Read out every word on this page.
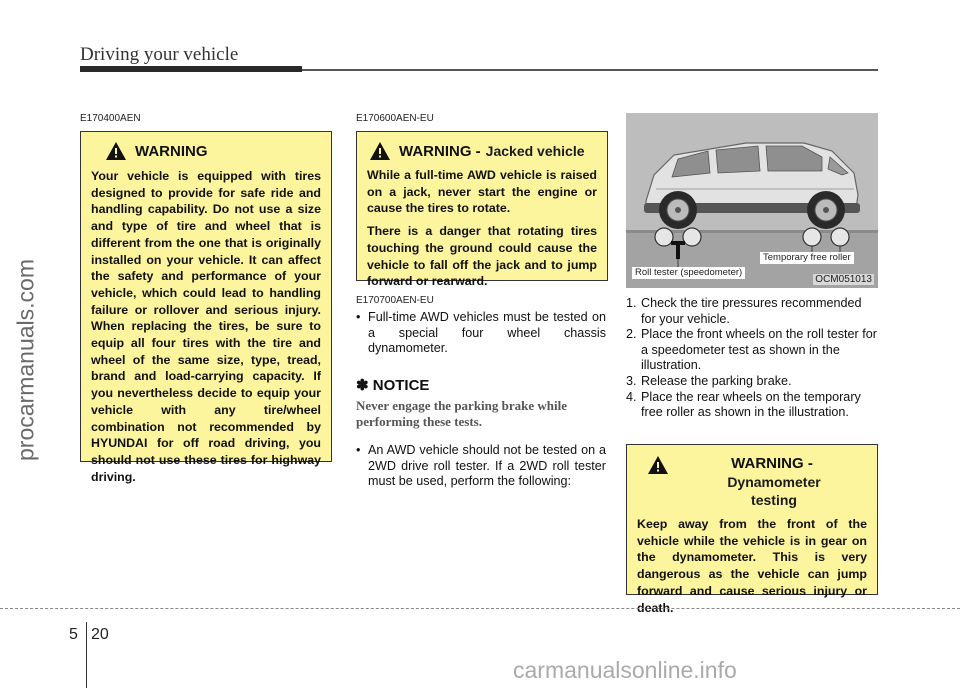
Driving your vehicle
procarmanuals.com
E170400AEN
WARNING
Your vehicle is equipped with tires designed to provide for safe ride and handling capability. Do not use a size and type of tire and wheel that is different from the one that is originally installed on your vehicle. It can affect the safety and performance of your vehicle, which could lead to handling failure or rollover and serious injury. When replacing the tires, be sure to equip all four tires with the tire and wheel of the same size, type, tread, brand and load-carrying capacity. If you nevertheless decide to equip your vehicle with any tire/wheel combination not recommended by HYUNDAI for off road driving, you should not use these tires for highway driving.
E170600AEN-EU
WARNING - Jacked vehicle
While a full-time AWD vehicle is raised on a jack, never start the engine or cause the tires to rotate.
There is a danger that rotating tires touching the ground could cause the vehicle to fall off the jack and to jump forward or rearward.
E170700AEN-EU
• Full-time AWD vehicles must be tested on a special four wheel chassis dynamometer.
✽ NOTICE
Never engage the parking brake while performing these tests.
• An AWD vehicle should not be tested on a 2WD drive roll tester. If a 2WD roll tester must be used, perform the following:
Temporary free roller
Roll tester (speedometer)
OCM051013
1. Check the tire pressures recommended for your vehicle.
2. Place the front wheels on the roll tester for a speedometer test as shown in the illustration.
3. Release the parking brake.
4. Place the rear wheels on the temporary free roller as shown in the illustration.
WARNING - Dynamometer testing
Keep away from the front of the vehicle while the vehicle is in gear on the dynamometer. This is very dangerous as the vehicle can jump forward and cause serious injury or death.
5 20
carmanualsonline.info
